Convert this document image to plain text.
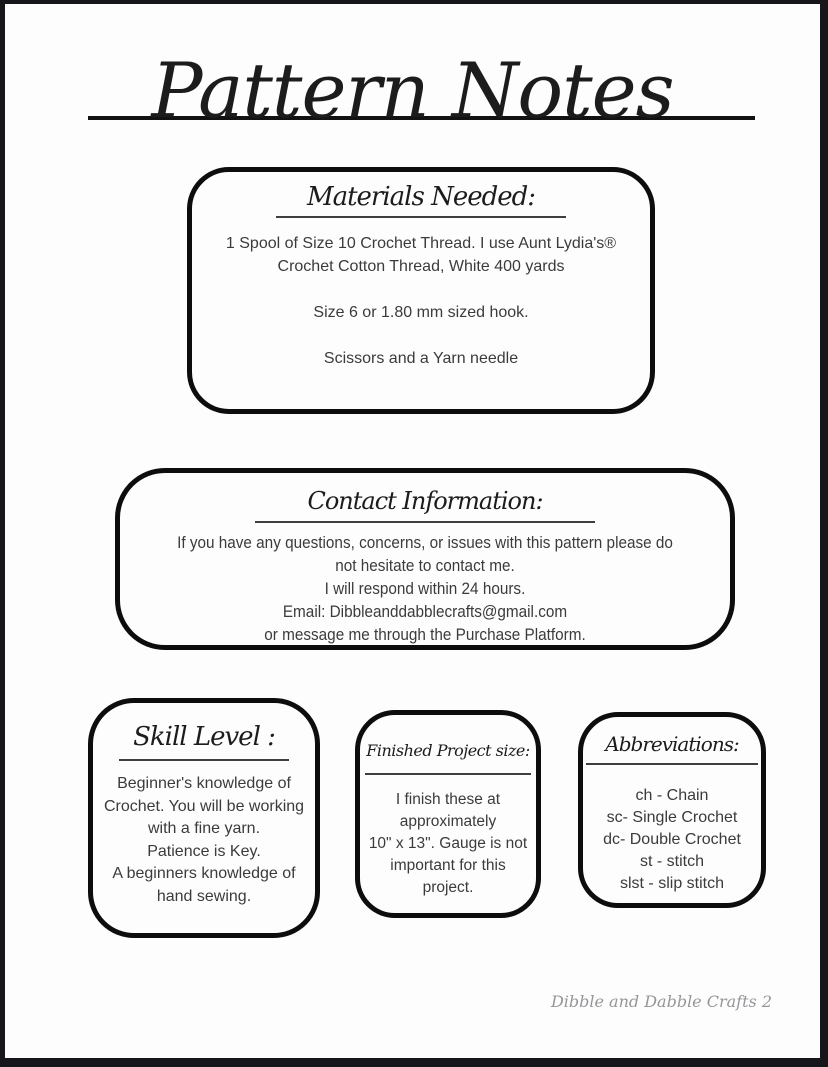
Pattern Notes
Materials Needed:
1 Spool of Size 10 Crochet Thread. I use Aunt Lydia's®
Crochet Cotton Thread, White 400 yards

Size 6 or 1.80 mm sized hook.

Scissors and a Yarn needle
Contact Information:
If you have any questions, concerns, or issues with this pattern please do
not hesitate to contact me.
I will respond within 24 hours.
Email: Dibbleanddabblecrafts@gmail.com
or message me through the Purchase Platform.
Skill Level :
Beginner's knowledge of
Crochet. You will be working
with a fine yarn.
Patience is Key.
A beginners knowledge of
hand sewing.
Finished Project size:
I finish these at
approximately
10" x 13". Gauge is not
important for this
project.
Abbreviations:
ch - Chain
sc- Single Crochet
dc- Double Crochet
st - stitch
slst - slip stitch
Dibble and Dabble Crafts 2
